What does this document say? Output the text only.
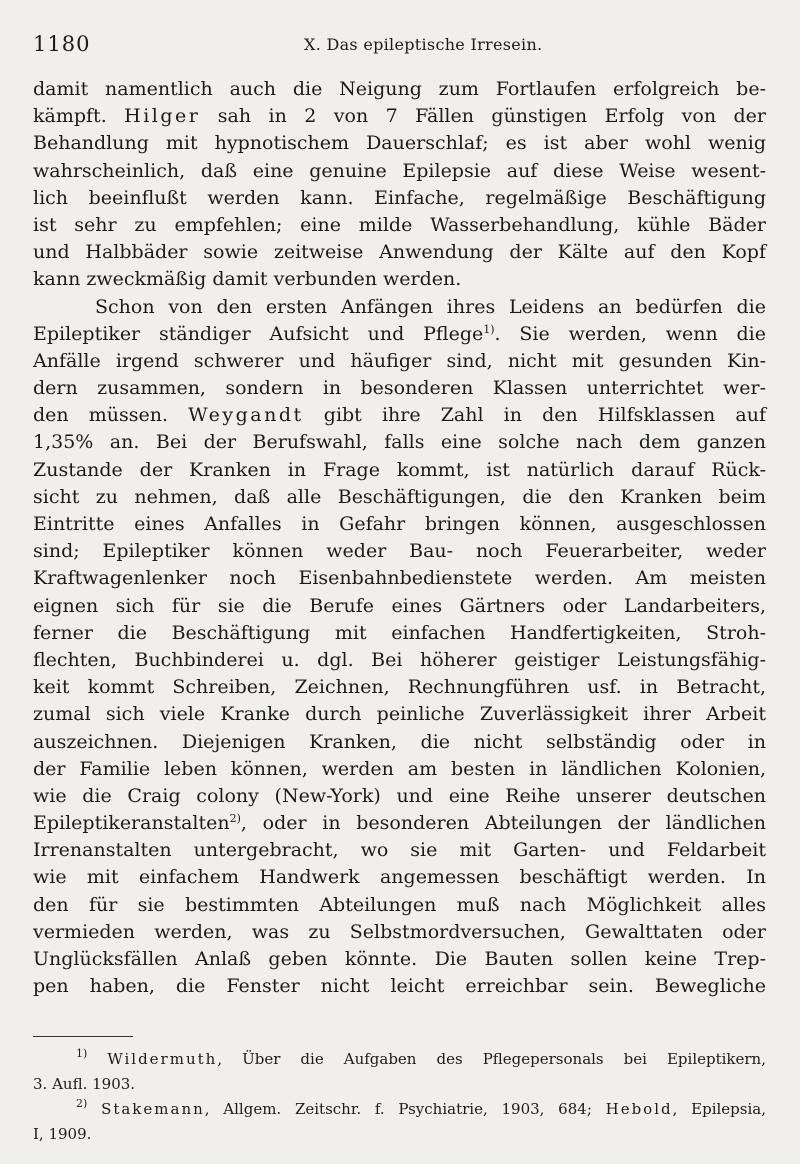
1180	X. Das epileptische Irresein.
damit namentlich auch die Neigung zum Fortlaufen erfolgreich be-
kämpft. Hilger sah in 2 von 7 Fällen günstigen Erfolg von der
Behandlung mit hypnotischem Dauerschlaf; es ist aber wohl wenig
wahrscheinlich, daß eine genuine Epilepsie auf diese Weise wesent-
lich beeinflußt werden kann. Einfache, regelmäßige Beschäftigung
ist sehr zu empfehlen; eine milde Wasserbehandlung, kühle Bäder
und Halbbäder sowie zeitweise Anwendung der Kälte auf den Kopf
kann zweckmäßig damit verbunden werden.
Schon von den ersten Anfängen ihres Leidens an bedürfen die
Epileptiker ständiger Aufsicht und Pflege$^{1)}$. Sie werden, wenn die
Anfälle irgend schwerer und häufiger sind, nicht mit gesunden Kin-
dern zusammen, sondern in besonderen Klassen unterrichtet wer-
den müssen. Weygandt gibt ihre Zahl in den Hilfsklassen auf
1,35% an. Bei der Berufswahl, falls eine solche nach dem ganzen
Zustande der Kranken in Frage kommt, ist natürlich darauf Rück-
sicht zu nehmen, daß alle Beschäftigungen, die den Kranken beim
Eintritte eines Anfalles in Gefahr bringen können, ausgeschlossen
sind; Epileptiker können weder Bau- noch Feuerarbeiter, weder
Kraftwagenlenker noch Eisenbahnbedienstete werden. Am meisten
eignen sich für sie die Berufe eines Gärtners oder Landarbeiters,
ferner die Beschäftigung mit einfachen Handfertigkeiten, Stroh-
flechten, Buchbinderei u. dgl. Bei höherer geistiger Leistungsfähig-
keit kommt Schreiben, Zeichnen, Rechnungführen usf. in Betracht,
zumal sich viele Kranke durch peinliche Zuverlässigkeit ihrer Arbeit
auszeichnen. Diejenigen Kranken, die nicht selbständig oder in
der Familie leben können, werden am besten in ländlichen Kolonien,
wie die Craig colony (New-York) und eine Reihe unserer deutschen
Epileptikeranstalten$^{2)}$, oder in besonderen Abteilungen der ländlichen
Irrenanstalten untergebracht, wo sie mit Garten- und Feldarbeit
wie mit einfachem Handwerk angemessen beschäftigt werden. In
den für sie bestimmten Abteilungen muß nach Möglichkeit alles
vermieden werden, was zu Selbstmordversuchen, Gewalttaten oder
Unglücksfällen Anlaß geben könnte. Die Bauten sollen keine Trep-
pen haben, die Fenster nicht leicht erreichbar sein. Bewegliche
$^{1)}$ Wildermuth, Über die Aufgaben des Pflegepersonals bei Epileptikern,
3. Aufl. 1903.
$^{2)}$ Stakemann, Allgem. Zeitschr. f. Psychiatrie, 1903, 684; Hebold, Epilepsia,
I, 1909.
